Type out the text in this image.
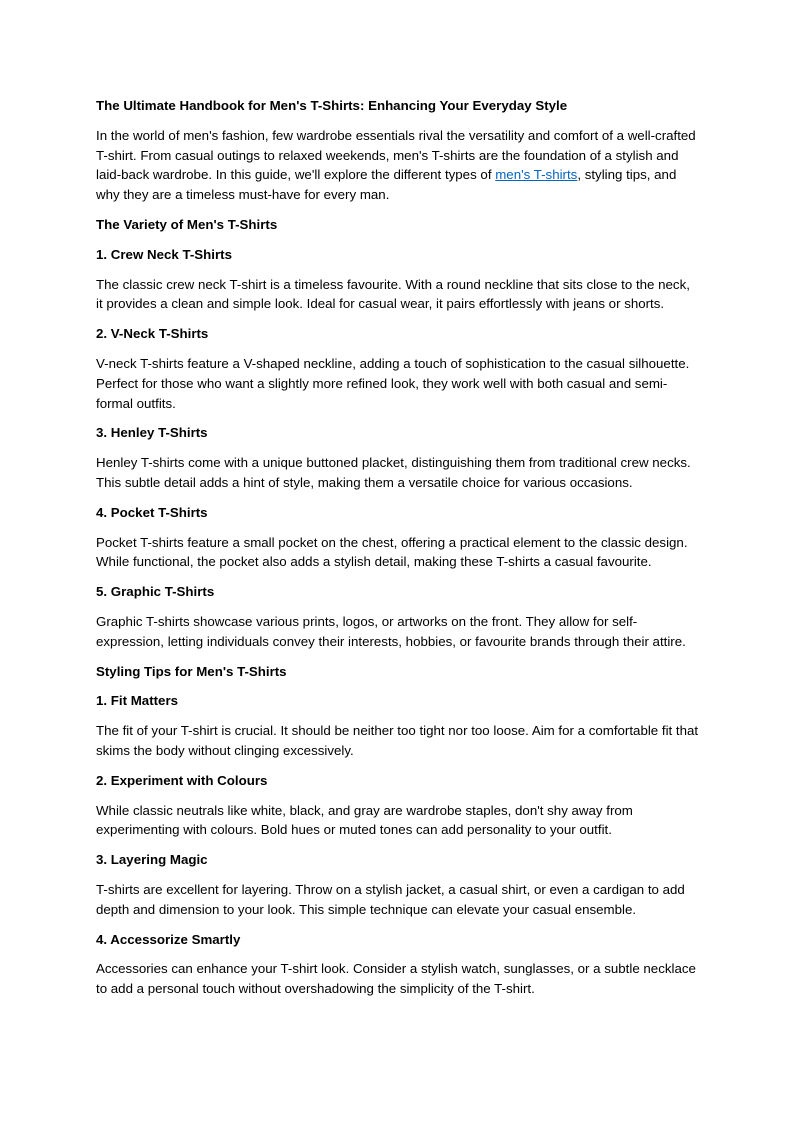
The Ultimate Handbook for Men's T-Shirts: Enhancing Your Everyday Style

In the world of men's fashion, few wardrobe essentials rival the versatility and comfort of a well-crafted T-shirt. From casual outings to relaxed weekends, men's T-shirts are the foundation of a stylish and laid-back wardrobe. In this guide, we'll explore the different types of men's T-shirts, styling tips, and why they are a timeless must-have for every man.

The Variety of Men's T-Shirts

1. Crew Neck T-Shirts

The classic crew neck T-shirt is a timeless favourite. With a round neckline that sits close to the neck, it provides a clean and simple look. Ideal for casual wear, it pairs effortlessly with jeans or shorts.

2. V-Neck T-Shirts

V-neck T-shirts feature a V-shaped neckline, adding a touch of sophistication to the casual silhouette. Perfect for those who want a slightly more refined look, they work well with both casual and semi-formal outfits.

3. Henley T-Shirts

Henley T-shirts come with a unique buttoned placket, distinguishing them from traditional crew necks. This subtle detail adds a hint of style, making them a versatile choice for various occasions.

4. Pocket T-Shirts

Pocket T-shirts feature a small pocket on the chest, offering a practical element to the classic design. While functional, the pocket also adds a stylish detail, making these T-shirts a casual favourite.

5. Graphic T-Shirts

Graphic T-shirts showcase various prints, logos, or artworks on the front. They allow for self-expression, letting individuals convey their interests, hobbies, or favourite brands through their attire.

Styling Tips for Men's T-Shirts

1. Fit Matters

The fit of your T-shirt is crucial. It should be neither too tight nor too loose. Aim for a comfortable fit that skims the body without clinging excessively.

2. Experiment with Colours

While classic neutrals like white, black, and gray are wardrobe staples, don't shy away from experimenting with colours. Bold hues or muted tones can add personality to your outfit.

3. Layering Magic

T-shirts are excellent for layering. Throw on a stylish jacket, a casual shirt, or even a cardigan to add depth and dimension to your look. This simple technique can elevate your casual ensemble.

4. Accessorize Smartly

Accessories can enhance your T-shirt look. Consider a stylish watch, sunglasses, or a subtle necklace to add a personal touch without overshadowing the simplicity of the T-shirt.
